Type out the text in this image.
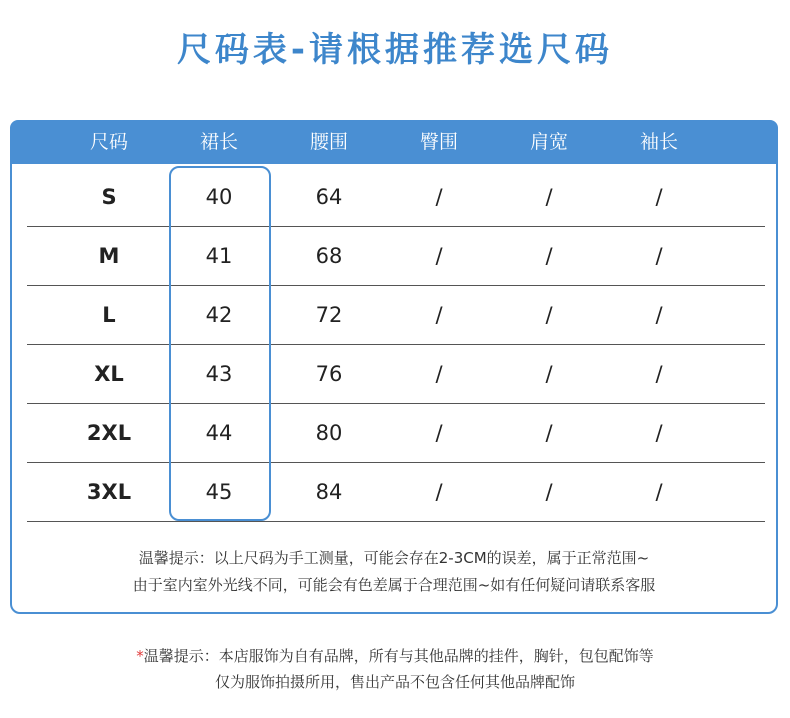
尺码表-请根据推荐选尺码
尺码	裙长	腰围	臀围	肩宽	袖长
S	40	64	/	/	/
M	41	68	/	/	/
L	42	72	/	/	/
XL	43	76	/	/	/
2XL	44	80	/	/	/
3XL	45	84	/	/	/
温馨提示：以上尺码为手工测量，可能会存在2-3CM的误差，属于正常范围~
由于室内室外光线不同，可能会有色差属于合理范围~如有任何疑问请联系客服
*温馨提示：本店服饰为自有品牌，所有与其他品牌的挂件，胸针，包包配饰等
仅为服饰拍摄所用，售出产品不包含任何其他品牌配饰
